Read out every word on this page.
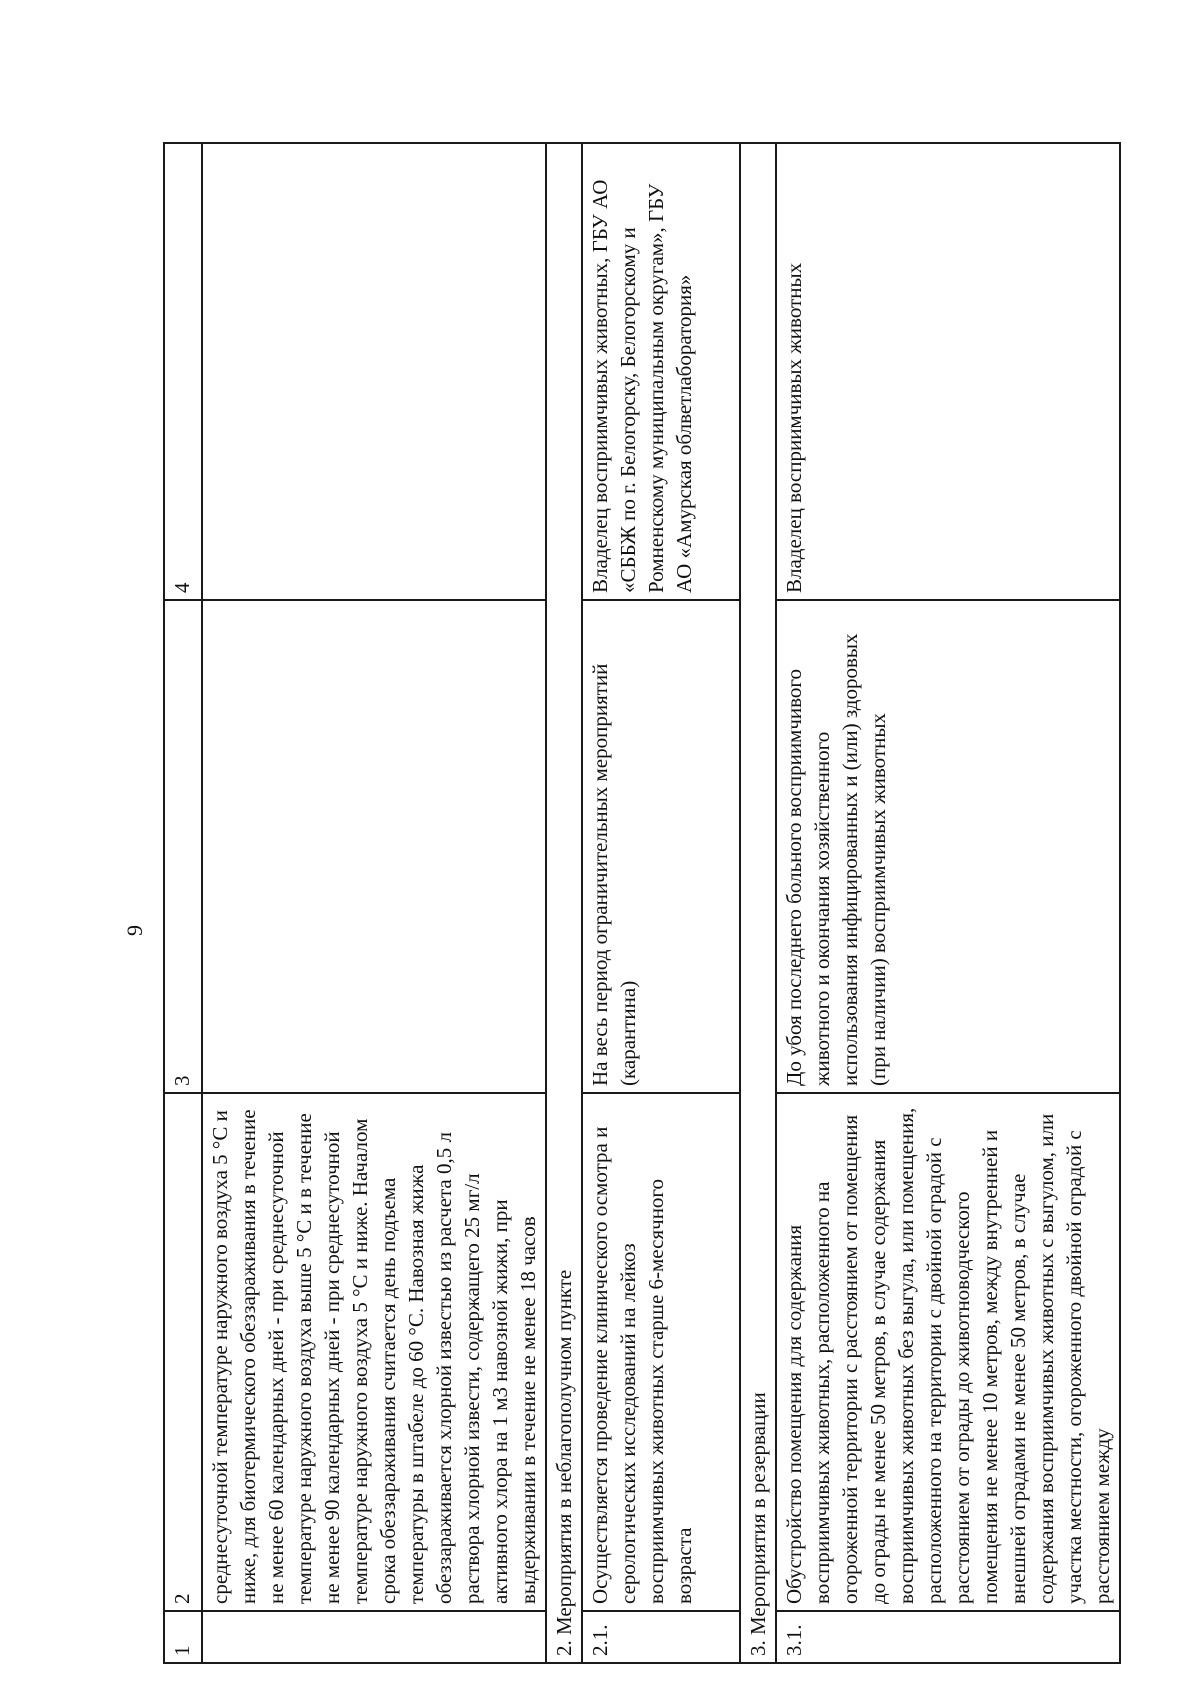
9
1	2	3	4
	среднесуточной температуре наружного воздуха 5 °С и ниже, для биотермического обеззараживания в течение не менее 60 календарных дней - при среднесуточной температуре наружного воздуха выше 5 °С и в течение не менее 90 календарных дней - при среднесуточной температуре наружного воздуха 5 °С и ниже. Началом срока обеззараживания считается день подъема температуры в штабеле до 60 °С. Навозная жижа обеззараживается хлорной известью из расчета 0,5 л раствора хлорной извести, содержащего 25 мг/л активного хлора на 1 м3 навозной жижи, при выдерживании в течение не менее 18 часов		
2. Мероприятия в неблагополучном пункте			
2.1.	Осуществляется проведение клинического осмотра и серологических исследований на лейкоз восприимчивых животных старше 6-месячного возраста	На весь период ограничительных мероприятий (карантина)	Владелец восприимчивых животных, ГБУ АО «СББЖ по г. Белогорску, Белогорскому и Ромненскому муниципальным округам», ГБУ АО «Амурская облветлаборатория»
3. Мероприятия в резервации			
3.1.	Обустройство помещения для содержания восприимчивых животных, расположенного на огороженной территории с расстоянием от помещения до ограды не менее 50 метров, в случае содержания восприимчивых животных без выгула, или помещения, расположенного на территории с двойной оградой с расстоянием от ограды до животноводческого помещения не менее 10 метров, между внутренней и внешней оградами не менее 50 метров, в случае содержания восприимчивых животных с выгулом, или участка местности, огороженного двойной оградой с расстоянием между	До убоя последнего больного восприимчивого животного и окончания хозяйственного использования инфицированных и (или) здоровых (при наличии) восприимчивых животных	Владелец восприимчивых животных
